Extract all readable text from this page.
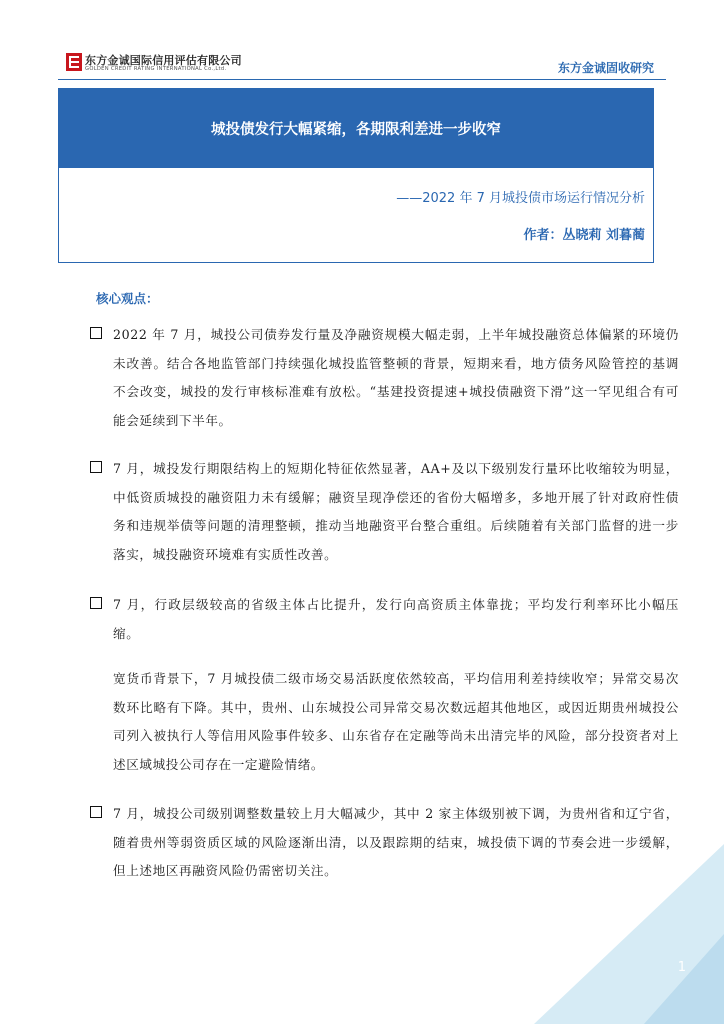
东方金诚国际信用评估有限公司
GOLDEN CREDIT RATING INTERNATIONAL Co.,Ltd.	东方金诚固收研究
城投债发行大幅紧缩，各期限利差进一步收窄
——2022 年 7 月城投债市场运行情况分析
作者：丛晓莉 刘暮蔺
核心观点：
2022 年 7 月，城投公司债券发行量及净融资规模大幅走弱，上半年城投融资总体偏紧的环境仍未改善。结合各地监管部门持续强化城投监管整顿的背景，短期来看，地方债务风险管控的基调不会改变，城投的发行审核标准难有放松。“基建投资提速+城投债融资下滑”这一罕见组合有可能会延续到下半年。
7 月，城投发行期限结构上的短期化特征依然显著，AA+及以下级别发行量环比收缩较为明显，中低资质城投的融资阻力未有缓解；融资呈现净偿还的省份大幅增多，多地开展了针对政府性债务和违规举债等问题的清理整顿，推动当地融资平台整合重组。后续随着有关部门监督的进一步落实，城投融资环境难有实质性改善。
7 月，行政层级较高的省级主体占比提升，发行向高资质主体靠拢；平均发行利率环比小幅压缩。
宽货币背景下，7 月城投债二级市场交易活跃度依然较高，平均信用利差持续收窄；异常交易次数环比略有下降。其中，贵州、山东城投公司异常交易次数远超其他地区，或因近期贵州城投公司列入被执行人等信用风险事件较多、山东省存在定融等尚未出清完毕的风险，部分投资者对上述区域城投公司存在一定避险情绪。
7 月，城投公司级别调整数量较上月大幅减少，其中 2 家主体级别被下调，为贵州省和辽宁省，随着贵州等弱资质区域的风险逐渐出清，以及跟踪期的结束，城投债下调的节奏会进一步缓解，但上述地区再融资风险仍需密切关注。
1
